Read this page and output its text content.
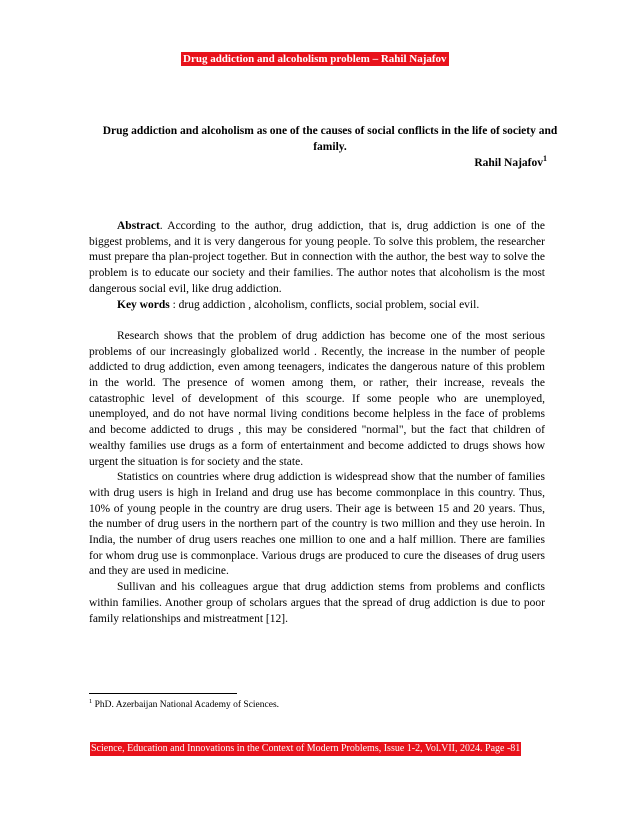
Drug addiction and alcoholism problem – Rahil Najafov
Drug addiction and alcoholism as one of the causes of social conflicts in the life of society and family.
Rahil Najafov$^1$

Abstract. According to the author, drug addiction, that is, drug addiction is one of the biggest problems, and it is very dangerous for young people. To solve this problem, the researcher must prepare tha plan-project together. But in connection with the author, the best way to solve the problem is to educate our society and their families. The author notes that alcoholism is the most dangerous social evil, like drug addiction.

Key words : drug addiction , alcoholism, conflicts, social problem, social evil.

Research shows that the problem of drug addiction has become one of the most serious problems of our increasingly globalized world . Recently, the increase in the number of people addicted to drug addiction, even among teenagers, indicates the dangerous nature of this problem in the world. The presence of women among them, or rather, their increase, reveals the catastrophic level of development of this scourge. If some people who are unemployed, unemployed, and do not have normal living conditions become helpless in the face of problems and become addicted to drugs , this may be considered "normal", but the fact that children of wealthy families use drugs as a form of entertainment and become addicted to drugs shows how urgent the situation is for society and the state.

Statistics on countries where drug addiction is widespread show that the number of families with drug users is high in Ireland and drug use has become commonplace in this country. Thus, 10% of young people in the country are drug users. Their age is between 15 and 20 years. Thus, the number of drug users in the northern part of the country is two million and they use heroin. In India, the number of drug users reaches one million to one and a half million. There are families for whom drug use is commonplace. Various drugs are produced to cure the diseases of drug users and they are used in medicine.

Sullivan and his colleagues argue that drug addiction stems from problems and conflicts within families. Another group of scholars argues that the spread of drug addiction is due to poor family relationships and mistreatment [12].

$^1$ PhD. Azerbaijan National Academy of Sciences.
Science, Education and Innovations in the Context of Modern Problems, Issue 1-2, Vol.VII, 2024. Page -81
